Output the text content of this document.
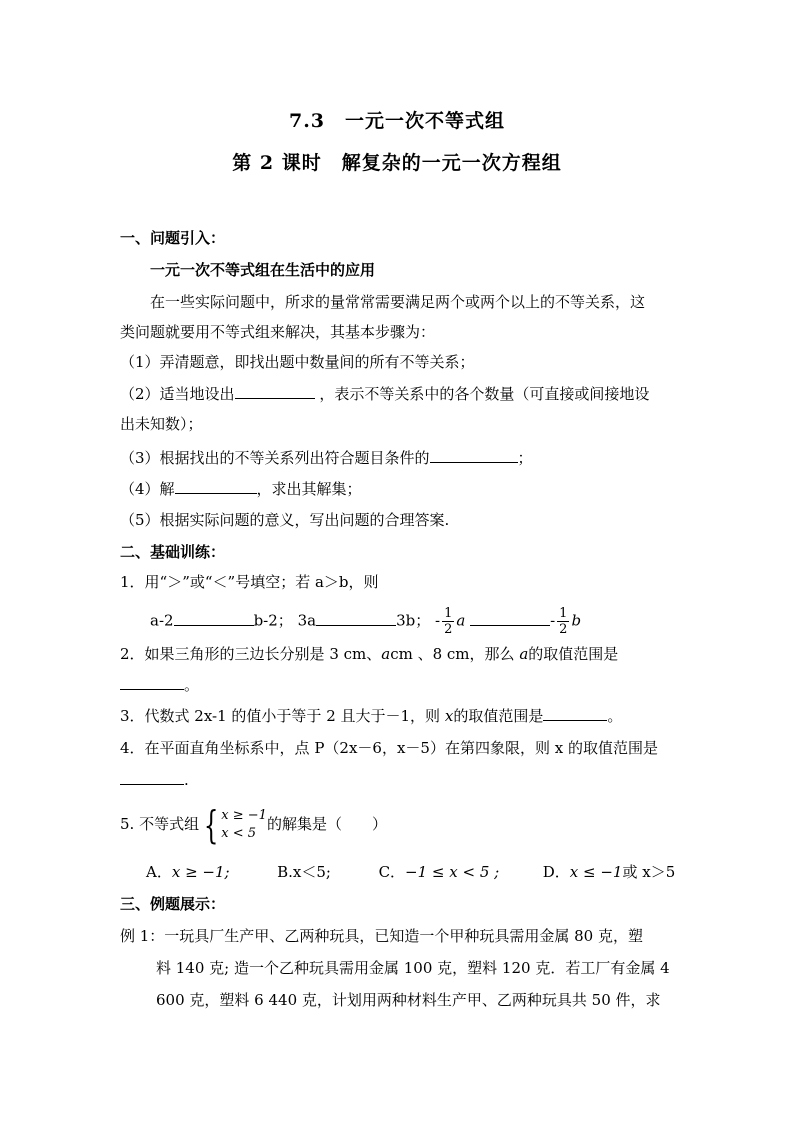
7.3　一元一次不等式组
第 2 课时　解复杂的一元一次方程组
一、问题引入：
一元一次不等式组在生活中的应用
在一些实际问题中，所求的量常常需要满足两个或两个以上的不等关系，这
类问题就要用不等式组来解决，其基本步骤为：
（1）弄清题意，即找出题中数量间的所有不等关系；
（2）适当地设出	，表示不等关系中的各个数量（可直接或间接地设
出未知数）；
（3）根据找出的不等关系列出符合题目条件的	；
（4）解	，求出其解集；
（5）根据实际问题的意义，写出问题的合理答案.
二、基础训练：
1．用“＞”或“＜”号填空；若 a＞b，则
a-2	b-2； 3a	3b； - $\frac{1}{2}$ a	- $\frac{1}{2}$ b
2．如果三角形的三边长分别是 3 cm、acm 、8 cm，那么 a的取值范围是
。
3．代数式 2x-1 的值小于等于 2 且大于－1，则 x的取值范围是	。
4．在平面直角坐标系中，点 P（2x－6，x－5）在第四象限，则 x 的取值范围是
.
5. 不等式组 { x ≥ −1
x < 5
的解集是（　　）
A．x ≥ −1;	B.x＜5;	C．−1 ≤ x < 5 ;	D．x ≤ −1或 x＞5
三、例题展示：
例 1：一玩具厂生产甲、乙两种玩具，已知造一个甲种玩具需用金属 80 克，塑
料 140 克; 造一个乙种玩具需用金属 100 克，塑料 120 克．若工厂有金属 4
600 克，塑料 6 440 克，计划用两种材料生产甲、乙两种玩具共 50 件，求
